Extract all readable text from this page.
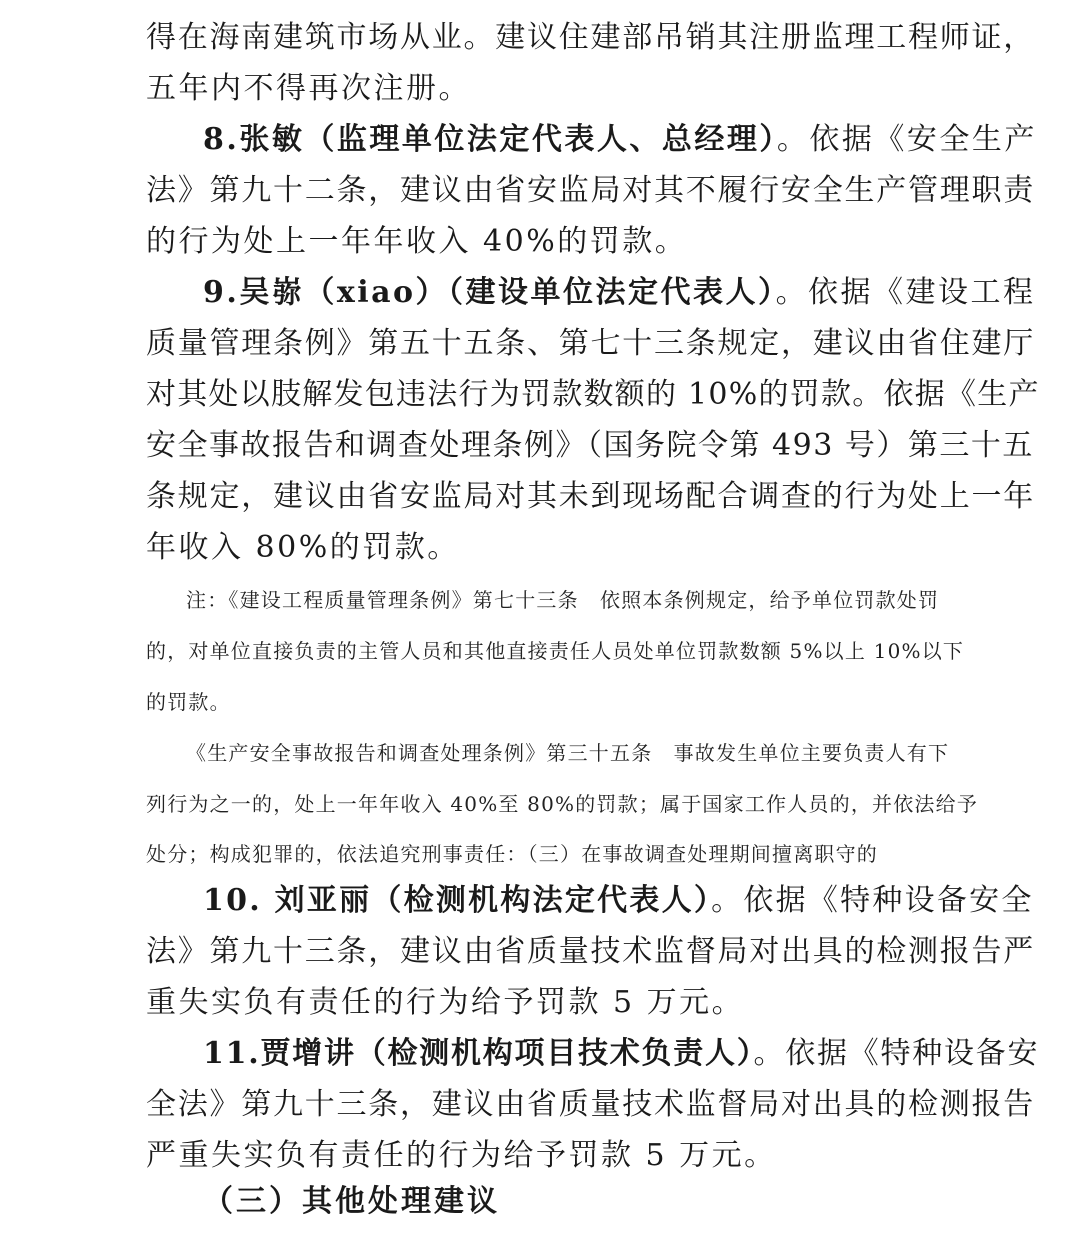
得在海南建筑市场从业。建议住建部吊销其注册监理工程师证，
五年内不得再次注册。
8.张敏（监理单位法定代表人、总经理）。依据《安全生产
法》第九十二条，建议由省安监局对其不履行安全生产管理职责
的行为处上一年年收入 40%的罚款。
9.吴㟜（xiao）（建设单位法定代表人）。依据《建设工程
质量管理条例》第五十五条、第七十三条规定，建议由省住建厅
对其处以肢解发包违法行为罚款数额的 10%的罚款。依据《生产
安全事故报告和调查处理条例》（国务院令第 493 号）第三十五
条规定，建议由省安监局对其未到现场配合调查的行为处上一年
年收入 80%的罚款。
注：《建设工程质量管理条例》第七十三条　依照本条例规定，给予单位罚款处罚
的，对单位直接负责的主管人员和其他直接责任人员处单位罚款数额 5%以上 10%以下
的罚款。
《生产安全事故报告和调查处理条例》第三十五条　事故发生单位主要负责人有下
列行为之一的，处上一年年收入 40%至 80%的罚款；属于国家工作人员的，并依法给予
处分；构成犯罪的，依法追究刑事责任：（三）在事故调查处理期间擅离职守的
10. 刘亚丽（检测机构法定代表人）。依据《特种设备安全
法》第九十三条，建议由省质量技术监督局对出具的检测报告严
重失实负有责任的行为给予罚款 5 万元。
11.贾增讲（检测机构项目技术负责人）。依据《特种设备安
全法》第九十三条，建议由省质量技术监督局对出具的检测报告
严重失实负有责任的行为给予罚款 5 万元。
（三）其他处理建议
